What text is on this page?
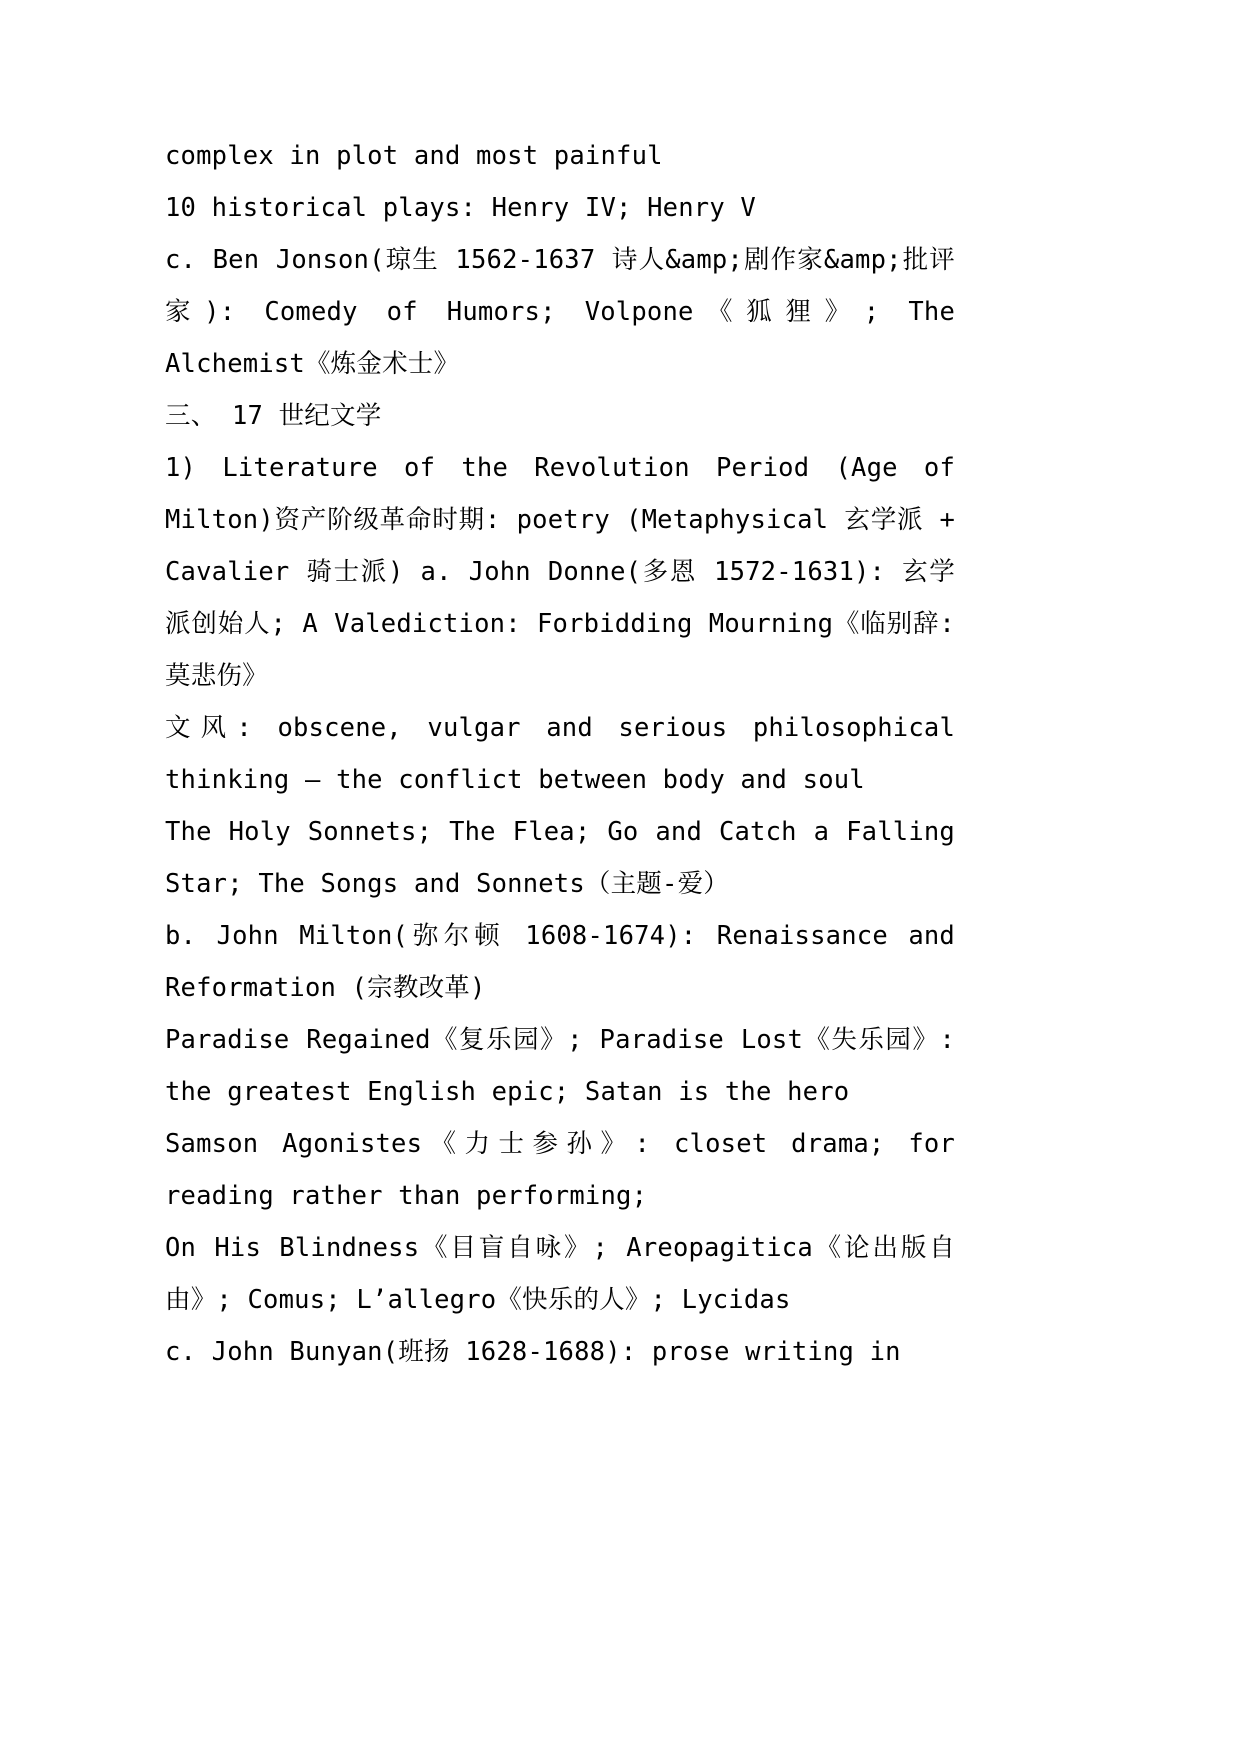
complex in plot and most painful

10 historical plays: Henry IV; Henry V

c. Ben Jonson(琼生 1562-1637 诗人&amp;剧作家&amp;批评家): Comedy of Humors; Volpone《狐狸》; The Alchemist《炼金术士》

三、 17 世纪文学

1) Literature of the Revolution Period (Age of Milton)资产阶级革命时期: poetry (Metaphysical 玄学派 + Cavalier 骑士派) a. John Donne(多恩 1572-1631): 玄学派创始人; A Valediction: Forbidding Mourning《临别辞:莫悲伤》

文风: obscene, vulgar and serious philosophical thinking – the conflict between body and soul

The Holy Sonnets; The Flea; Go and Catch a Falling Star; The Songs and Sonnets（主题-爱）

b. John Milton(弥尔顿 1608-1674): Renaissance and Reformation (宗教改革)

Paradise Regained《复乐园》; Paradise Lost《失乐园》: the greatest English epic; Satan is the hero

Samson Agonistes《力士参孙》: closet drama; for reading rather than performing;

On His Blindness《目盲自咏》; Areopagitica《论出版自由》; Comus; L’allegro《快乐的人》; Lycidas

c. John Bunyan(班扬 1628-1688): prose writing in
